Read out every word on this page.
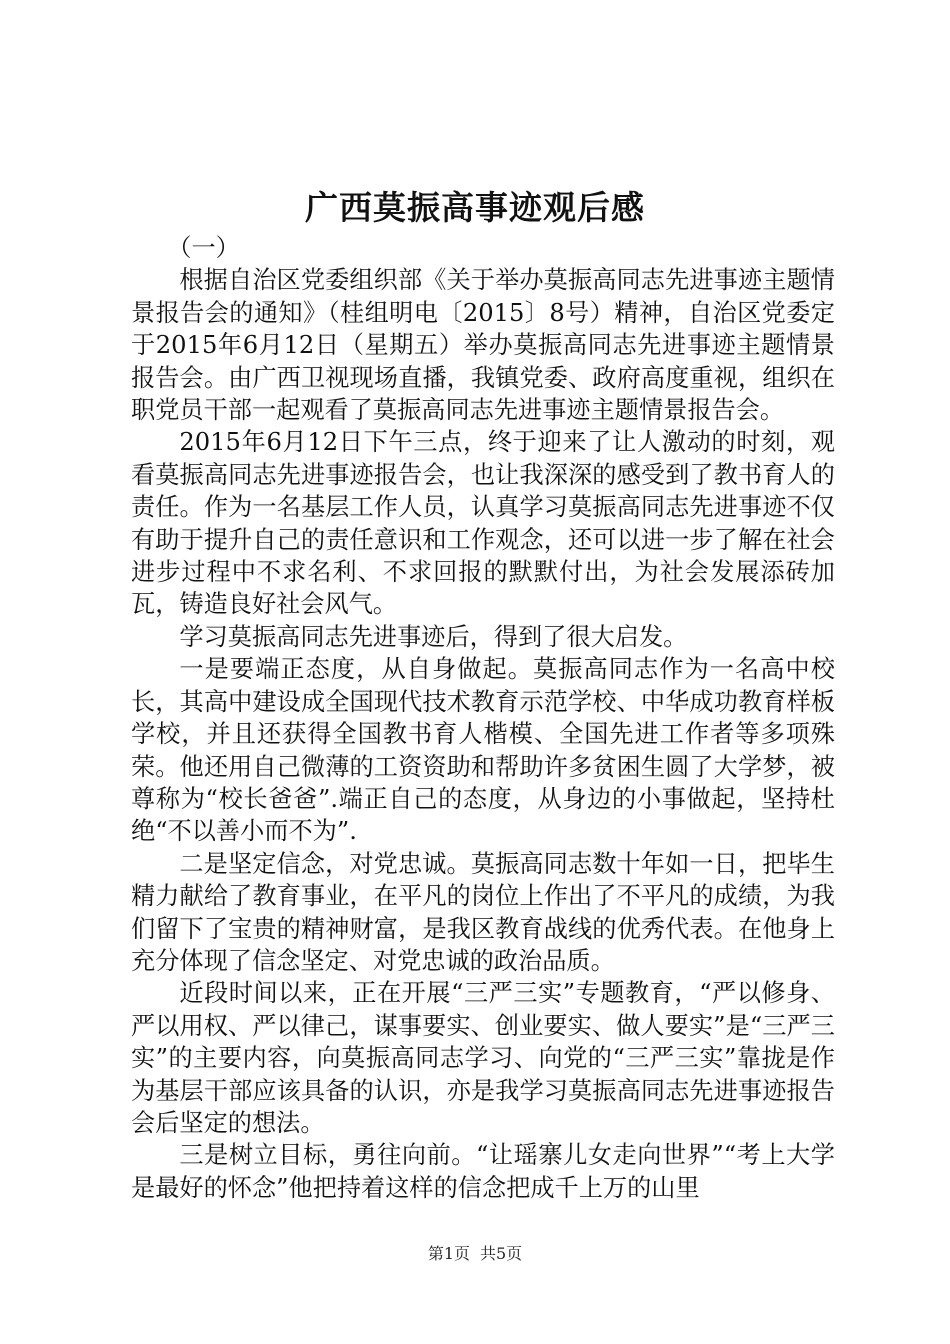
广西莫振高事迹观后感

（一）

根据自治区党委组织部《关于举办莫振高同志先进事迹主题情景报告会的通知》（桂组明电〔2015〕8号）精神，自治区党委定于2015年6月12日（星期五）举办莫振高同志先进事迹主题情景报告会。由广西卫视现场直播，我镇党委、政府高度重视，组织在职党员干部一起观看了莫振高同志先进事迹主题情景报告会。

2015年6月12日下午三点，终于迎来了让人激动的时刻，观看莫振高同志先进事迹报告会，也让我深深的感受到了教书育人的责任。作为一名基层工作人员，认真学习莫振高同志先进事迹不仅有助于提升自己的责任意识和工作观念，还可以进一步了解在社会进步过程中不求名利、不求回报的默默付出，为社会发展添砖加瓦，铸造良好社会风气。

学习莫振高同志先进事迹后，得到了很大启发。

一是要端正态度，从自身做起。莫振高同志作为一名高中校长，其高中建设成全国现代技术教育示范学校、中华成功教育样板学校，并且还获得全国教书育人楷模、全国先进工作者等多项殊荣。他还用自己微薄的工资资助和帮助许多贫困生圆了大学梦，被尊称为“校长爸爸”.端正自己的态度，从身边的小事做起，坚持杜绝“不以善小而不为”.

二是坚定信念，对党忠诚。莫振高同志数十年如一日，把毕生精力献给了教育事业，在平凡的岗位上作出了不平凡的成绩，为我们留下了宝贵的精神财富，是我区教育战线的优秀代表。在他身上充分体现了信念坚定、对党忠诚的政治品质。

近段时间以来，正在开展“三严三实”专题教育，“严以修身、严以用权、严以律己，谋事要实、创业要实、做人要实”是“三严三实”的主要内容，向莫振高同志学习、向党的“三严三实”靠拢是作为基层干部应该具备的认识，亦是我学习莫振高同志先进事迹报告会后坚定的想法。

三是树立目标，勇往向前。“让瑶寨儿女走向世界”“考上大学是最好的怀念”他把持着这样的信念把成千上万的山里

第1页 共5页
